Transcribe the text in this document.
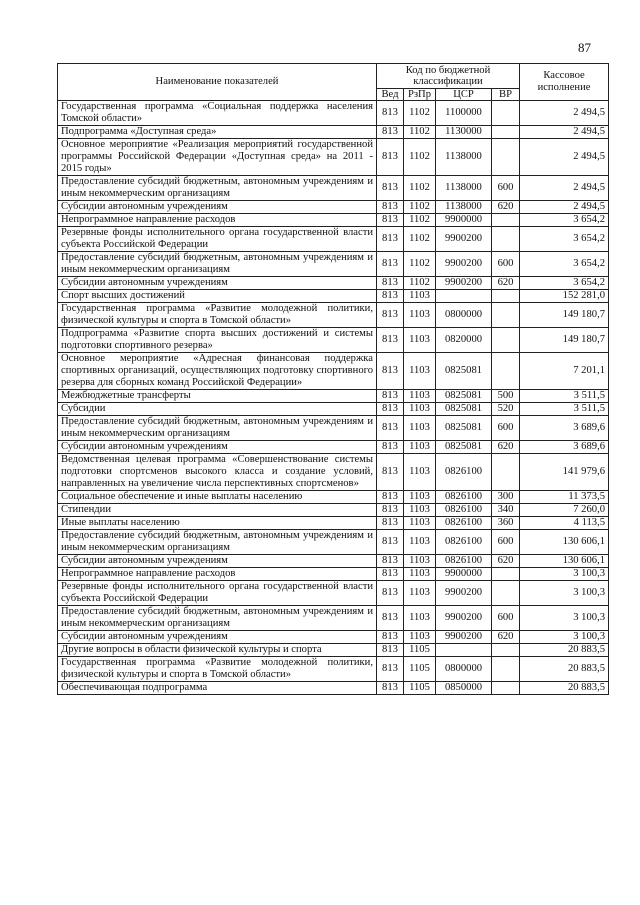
87
Наименование показателей	Код по бюджетной классификации				Кассовое исполнение
	Вед	РзПр	ЦСР	ВР	
Государственная программа «Социальная поддержка населения Томской области»	813	1102	1100000		2 494,5
Подпрограмма «Доступная среда»	813	1102	1130000		2 494,5
Основное мероприятие «Реализация мероприятий государственной программы Российской Федерации «Доступная среда» на 2011 - 2015 годы»	813	1102	1138000		2 494,5
Предоставление субсидий бюджетным, автономным учреждениям и иным некоммерческим организациям	813	1102	1138000	600	2 494,5
Субсидии автономным учреждениям	813	1102	1138000	620	2 494,5
Непрограммное направление расходов	813	1102	9900000		3 654,2
Резервные фонды исполнительного органа государственной власти субъекта Российской Федерации	813	1102	9900200		3 654,2
Предоставление субсидий бюджетным, автономным учреждениям и иным некоммерческим организациям	813	1102	9900200	600	3 654,2
Субсидии автономным учреждениям	813	1102	9900200	620	3 654,2
Спорт высших достижений	813	1103			152 281,0
Государственная программа «Развитие молодежной политики, физической культуры и спорта в Томской области»	813	1103	0800000		149 180,7
Подпрограмма «Развитие спорта высших достижений и системы подготовки спортивного резерва»	813	1103	0820000		149 180,7
Основное мероприятие «Адресная финансовая поддержка спортивных организаций, осуществляющих подготовку спортивного резерва для сборных команд Российской Федерации»	813	1103	0825081		7 201,1
Межбюджетные трансферты	813	1103	0825081	500	3 511,5
Субсидии	813	1103	0825081	520	3 511,5
Предоставление субсидий бюджетным, автономным учреждениям и иным некоммерческим организациям	813	1103	0825081	600	3 689,6
Субсидии автономным учреждениям	813	1103	0825081	620	3 689,6
Ведомственная целевая программа «Совершенствование системы подготовки спортсменов высокого класса и создание условий, направленных на увеличение числа перспективных спортсменов»	813	1103	0826100		141 979,6
Социальное обеспечение и иные выплаты населению	813	1103	0826100	300	11 373,5
Стипендии	813	1103	0826100	340	7 260,0
Иные выплаты населению	813	1103	0826100	360	4 113,5
Предоставление субсидий бюджетным, автономным учреждениям и иным некоммерческим организациям	813	1103	0826100	600	130 606,1
Субсидии автономным учреждениям	813	1103	0826100	620	130 606,1
Непрограммное направление расходов	813	1103	9900000		3 100,3
Резервные фонды исполнительного органа государственной власти субъекта Российской Федерации	813	1103	9900200		3 100,3
Предоставление субсидий бюджетным, автономным учреждениям и иным некоммерческим организациям	813	1103	9900200	600	3 100,3
Субсидии автономным учреждениям	813	1103	9900200	620	3 100,3
Другие вопросы в области физической культуры и спорта	813	1105			20 883,5
Государственная программа «Развитие молодежной политики, физической культуры и спорта в Томской области»	813	1105	0800000		20 883,5
Обеспечивающая подпрограмма	813	1105	0850000		20 883,5
